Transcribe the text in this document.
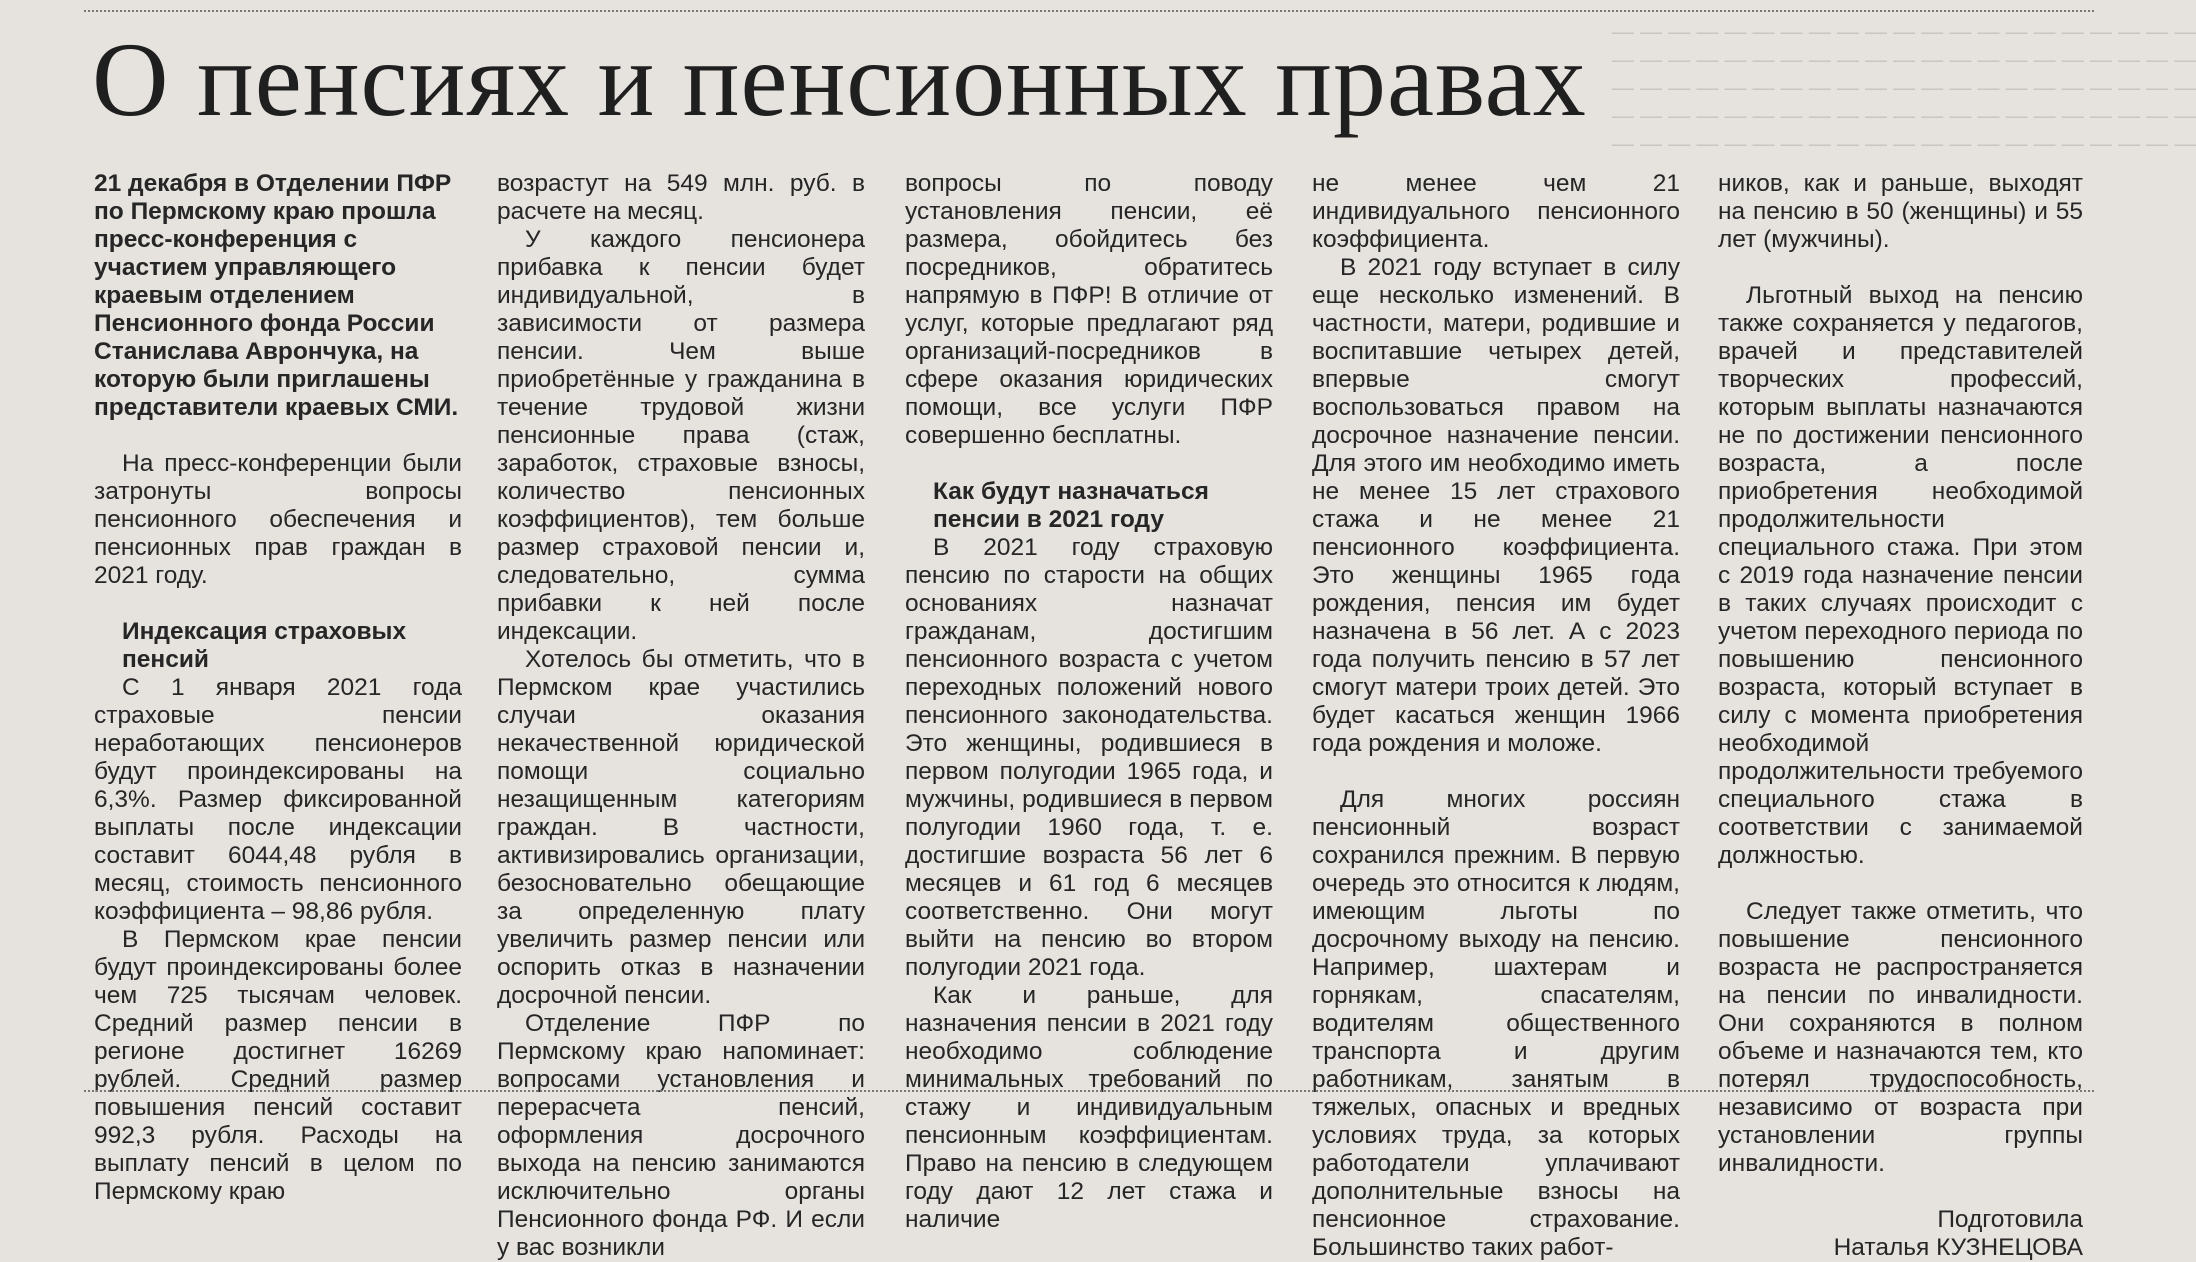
— — — — — — — — — — — — — — — — — — — — —
— — — — — — — — — — — — — — — — — — — — —
— — — — — — — — — — — — — — — — — — — — —
— — — — — — — — — — — — — — — — — — — — —
— — — — — — — — — — — — — — — — — — — — —
О пенсиях и пенсионных правах

21 декабря в Отделении ПФР по Пермскому краю прошла пресс-конференция с участием управляющего краевым отделением Пенсионного фонда России Станислава Аврончука, на которую были приглашены представители краевых СМИ.

На пресс-конференции были затронуты вопросы пенсионного обеспечения и пенсионных прав граждан в 2021 году.

Индексация страховых пенсий

С 1 января 2021 года страховые пенсии неработающих пенсионеров будут проиндексированы на 6,3%. Размер фиксированной выплаты после индексации составит 6044,48 рубля в месяц, стоимость пенсионного коэффициента – 98,86 рубля.

В Пермском крае пенсии будут проиндексированы более чем 725 тысячам человек. Средний размер пенсии в регионе достигнет 16269 рублей. Средний размер повышения пенсий составит 992,3 рубля. Расходы на выплату пенсий в целом по Пермскому краю

возрастут на 549 млн. руб. в расчете на месяц.

У каждого пенсионера прибавка к пенсии будет индивидуальной, в зависимости от размера пенсии. Чем выше приобретённые у гражданина в течение трудовой жизни пенсионные права (стаж, заработок, страховые взносы, количество пенсионных коэффициентов), тем больше размер страховой пенсии и, следовательно, сумма прибавки к ней после индексации.

Хотелось бы отметить, что в Пермском крае участились случаи оказания некачественной юридической помощи социально незащищенным категориям граждан. В частности, активизировались организации, безосновательно обещающие за определенную плату увеличить размер пенсии или оспорить отказ в назначении досрочной пенсии.

Отделение ПФР по Пермскому краю напоминает: вопросами установления и перерасчета пенсий, оформления досрочного выхода на пенсию занимаются исключительно органы Пенсионного фонда РФ. И если у вас возникли

вопросы по поводу установления пенсии, её размера, обойдитесь без посредников, обратитесь напрямую в ПФР! В отличие от услуг, которые предлагают ряд организаций-посредников в сфере оказания юридических помощи, все услуги ПФР совершенно бесплатны.

Как будут назначаться пенсии в 2021 году

В 2021 году страховую пенсию по старости на общих основаниях назначат гражданам, достигшим пенсионного возраста с учетом переходных положений нового пенсионного законодательства. Это женщины, родившиеся в первом полугодии 1965 года, и мужчины, родившиеся в первом полугодии 1960 года, т. е. достигшие возраста 56 лет 6 месяцев и 61 год 6 месяцев соответственно. Они могут выйти на пенсию во втором полугодии 2021 года.

Как и раньше, для назначения пенсии в 2021 году необходимо соблюдение минимальных требований по стажу и индивидуальным пенсионным коэффициентам. Право на пенсию в следующем году дают 12 лет стажа и наличие

не менее чем 21 индивидуального пенсионного коэффициента.

В 2021 году вступает в силу еще несколько изменений. В частности, матери, родившие и воспитавшие четырех детей, впервые смогут воспользоваться правом на досрочное назначение пенсии. Для этого им необходимо иметь не менее 15 лет страхового стажа и не менее 21 пенсионного коэффициента. Это женщины 1965 года рождения, пенсия им будет назначена в 56 лет. А с 2023 года получить пенсию в 57 лет смогут матери троих детей. Это будет касаться женщин 1966 года рождения и моложе.

Для многих россиян пенсионный возраст сохранился прежним. В первую очередь это относится к людям, имеющим льготы по досрочному выходу на пенсию. Например, шахтерам и горнякам, спасателям, водителям общественного транспорта и другим работникам, занятым в тяжелых, опасных и вредных условиях труда, за которых работодатели уплачивают дополнительные взносы на пенсионное страхование. Большинство таких работ-

ников, как и раньше, выходят на пенсию в 50 (женщины) и 55 лет (мужчины).

Льготный выход на пенсию также сохраняется у педагогов, врачей и представителей творческих профессий, которым выплаты назначаются не по достижении пенсионного возраста, а после приобретения необходимой продолжительности специального стажа. При этом с 2019 года назначение пенсии в таких случаях происходит с учетом переходного периода по повышению пенсионного возраста, который вступает в силу с момента приобретения необходимой продолжительности требуемого специального стажа в соответствии с занимаемой должностью.

Следует также отметить, что повышение пенсионного возраста не распространяется на пенсии по инвалидности. Они сохраняются в полном объеме и назначаются тем, кто потерял трудоспособность, независимо от возраста при установлении группы инвалидности.

Подготовила

Наталья КУЗНЕЦОВА
